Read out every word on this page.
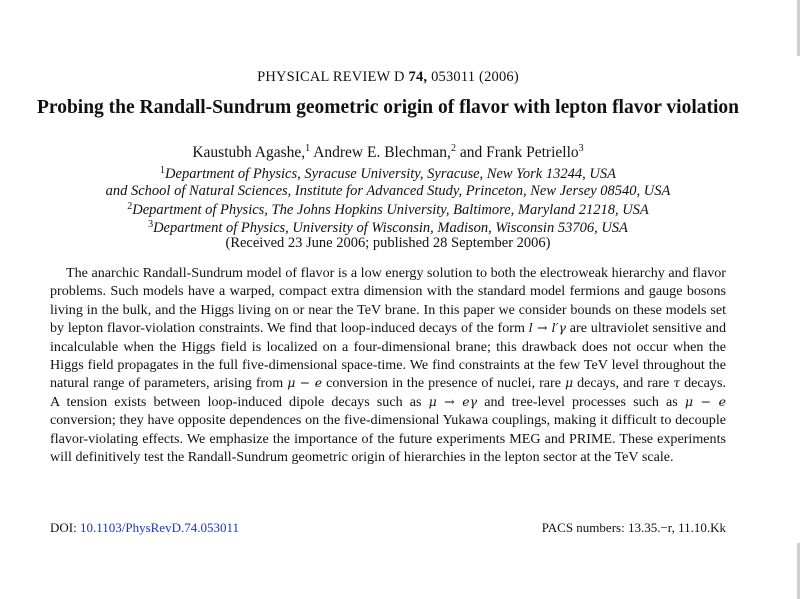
PHYSICAL REVIEW D 74, 053011 (2006)
Probing the Randall-Sundrum geometric origin of flavor with lepton flavor violation
Kaustubh Agashe,$^1$ Andrew E. Blechman,$^2$ and Frank Petriello$^3$
$^1$Department of Physics, Syracuse University, Syracuse, New York 13244, USA
and School of Natural Sciences, Institute for Advanced Study, Princeton, New Jersey 08540, USA
$^2$Department of Physics, The Johns Hopkins University, Baltimore, Maryland 21218, USA
$^3$Department of Physics, University of Wisconsin, Madison, Wisconsin 53706, USA
(Received 23 June 2006; published 28 September 2006)
The anarchic Randall-Sundrum model of flavor is a low energy solution to both the electroweak hierarchy and flavor problems. Such models have a warped, compact extra dimension with the standard model fermions and gauge bosons living in the bulk, and the Higgs living on or near the TeV brane. In this paper we consider bounds on these models set by lepton flavor-violation constraints. We find that loop-induced decays of the form l → l′γ are ultraviolet sensitive and incalculable when the Higgs field is localized on a four-dimensional brane; this drawback does not occur when the Higgs field propagates in the full five-dimensional space-time. We find constraints at the few TeV level throughout the natural range of parameters, arising from μ − e conversion in the presence of nuclei, rare μ decays, and rare τ decays. A tension exists between loop-induced dipole decays such as μ → eγ and tree-level processes such as μ − e conversion; they have opposite dependences on the five-dimensional Yukawa couplings, making it difficult to decouple flavor-violating effects. We emphasize the importance of the future experiments MEG and PRIME. These experiments will definitively test the Randall-Sundrum geometric origin of hierarchies in the lepton sector at the TeV scale.
DOI: 10.1103/PhysRevD.74.053011	PACS numbers: 13.35.−r, 11.10.Kk
